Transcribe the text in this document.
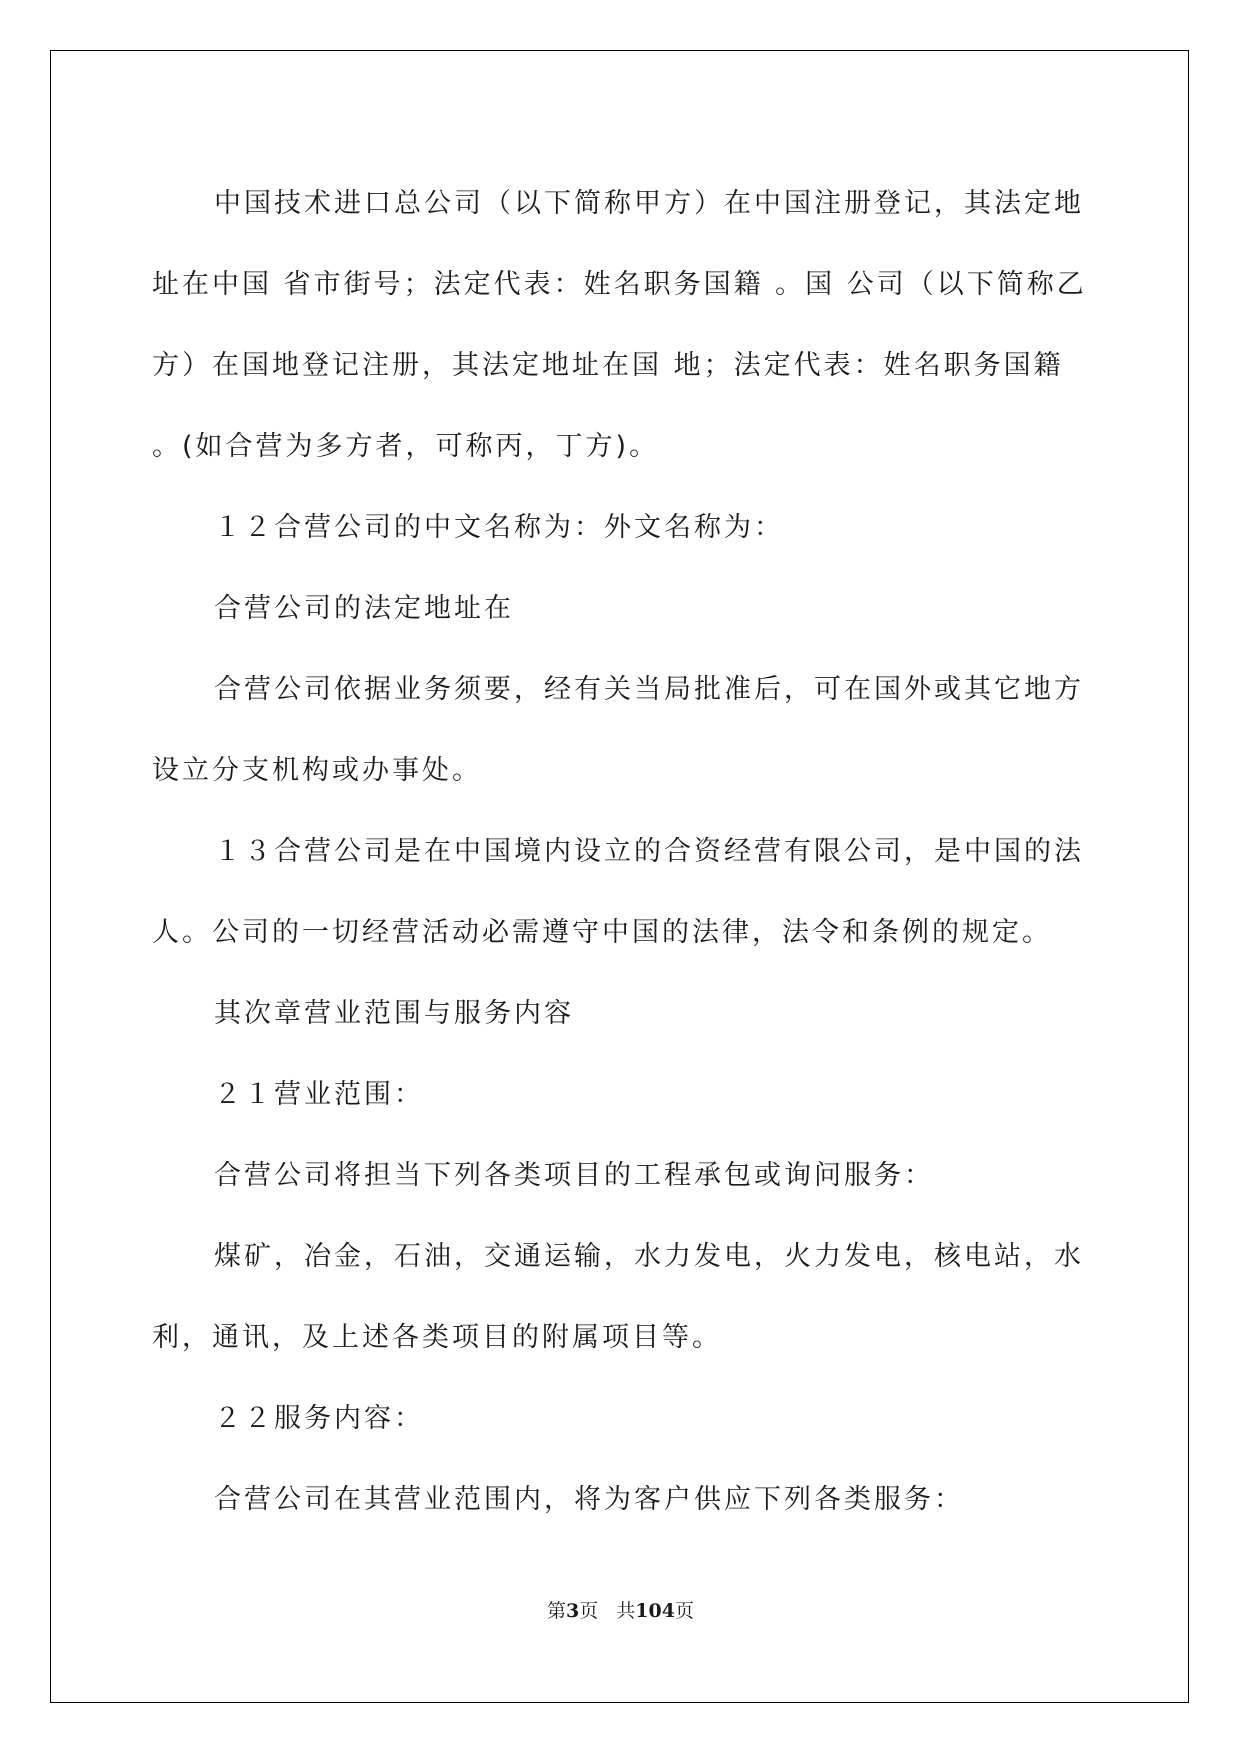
中国技术进口总公司（以下简称甲方）在中国注册登记，其法定地址在中国 省市街号；法定代表：姓名职务国籍 。国 公司（以下简称乙方）在国地登记注册，其法定地址在国 地；法定代表：姓名职务国籍 。(如合营为多方者，可称丙，丁方)。

１２合营公司的中文名称为：外文名称为：

合营公司的法定地址在

合营公司依据业务须要，经有关当局批准后，可在国外或其它地方设立分支机构或办事处。

１３合营公司是在中国境内设立的合资经营有限公司，是中国的法人。公司的一切经营活动必需遵守中国的法律，法令和条例的规定。

其次章营业范围与服务内容

２１营业范围：

合营公司将担当下列各类项目的工程承包或询问服务：

煤矿，冶金，石油，交通运输，水力发电，火力发电，核电站，水利，通讯，及上述各类项目的附属项目等。

２２服务内容：

合营公司在其营业范围内，将为客户供应下列各类服务：

第3页 共104页
